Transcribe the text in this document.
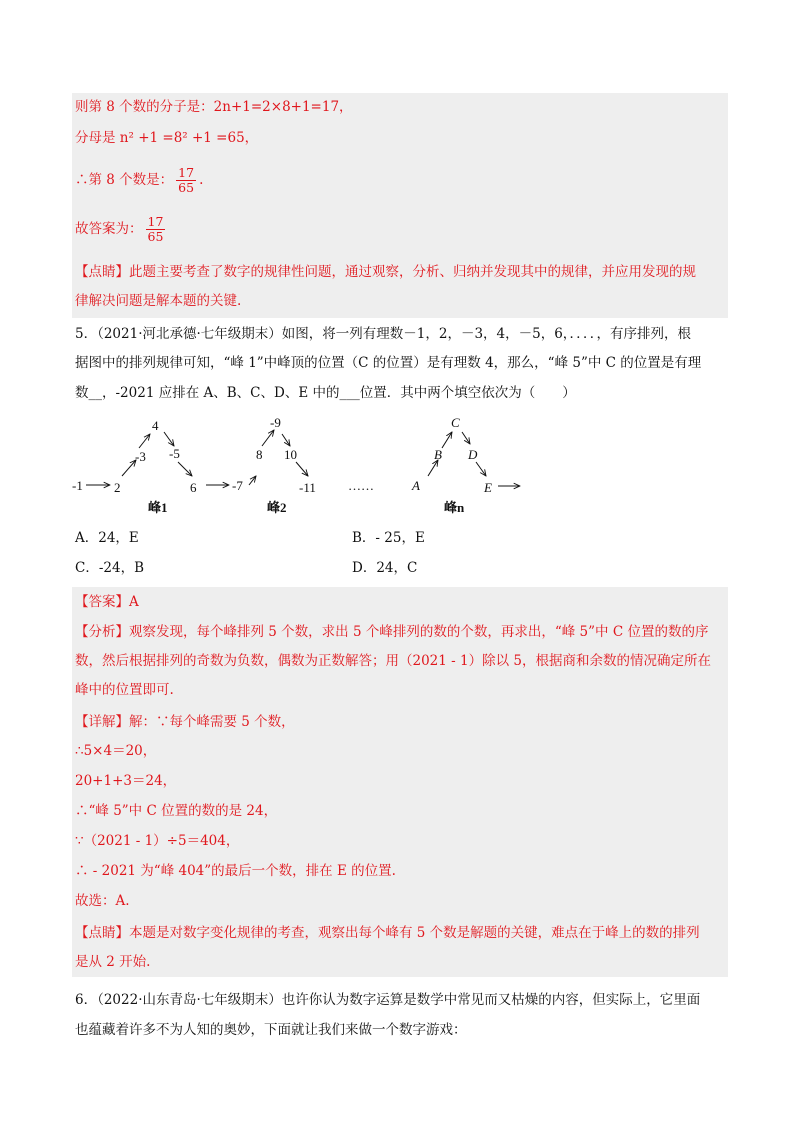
则第 8 个数的分子是：2n+1=2×8+1=17，
分母是 n² +1 =8² +1 =65，
∴第 8 个数是： $\frac{17}{65}$ .
故答案为： $\frac{17}{65}$
【点睛】此题主要考查了数字的规律性问题，通过观察，分析、归纳并发现其中的规律，并应用发现的规
律解决问题是解本题的关键.
5．（2021·河北承德·七年级期末）如图，将一列有理数－1，2，－3，4，－5，6，．．．．，有序排列，根
据图中的排列规律可知，“峰 1”中峰顶的位置（C 的位置）是有理数 4，那么，“峰 5”中 C 的位置是有理
数__，-2021 应排在 A、B、C、D、E 中的___位置．其中两个填空依次为（　　）
-1 2
-3
4
-5
6	-7
8
-9
10
-11 ……	A
B
C
D
E
峰1	峰2	峰n
A．24，E	B．- 25，E
C．-24，B	D．24，C
【答案】A
【分析】观察发现，每个峰排列 5 个数，求出 5 个峰排列的数的个数，再求出，“峰 5”中 C 位置的数的序
数，然后根据排列的奇数为负数，偶数为正数解答；用（2021 - 1）除以 5，根据商和余数的情况确定所在
峰中的位置即可.
【详解】解：∵每个峰需要 5 个数，
∴5×4＝20，
20+1+3＝24，
∴“峰 5”中 C 位置的数的是 24，
∵（2021 - 1）÷5＝404，
∴ - 2021 为“峰 404”的最后一个数，排在 E 的位置.
故选：A.
【点睛】本题是对数字变化规律的考查，观察出每个峰有 5 个数是解题的关键，难点在于峰上的数的排列
是从 2 开始.
6．（2022·山东青岛·七年级期末）也许你认为数字运算是数学中常见而又枯燥的内容，但实际上，它里面
也蕴藏着许多不为人知的奥妙，下面就让我们来做一个数字游戏：
